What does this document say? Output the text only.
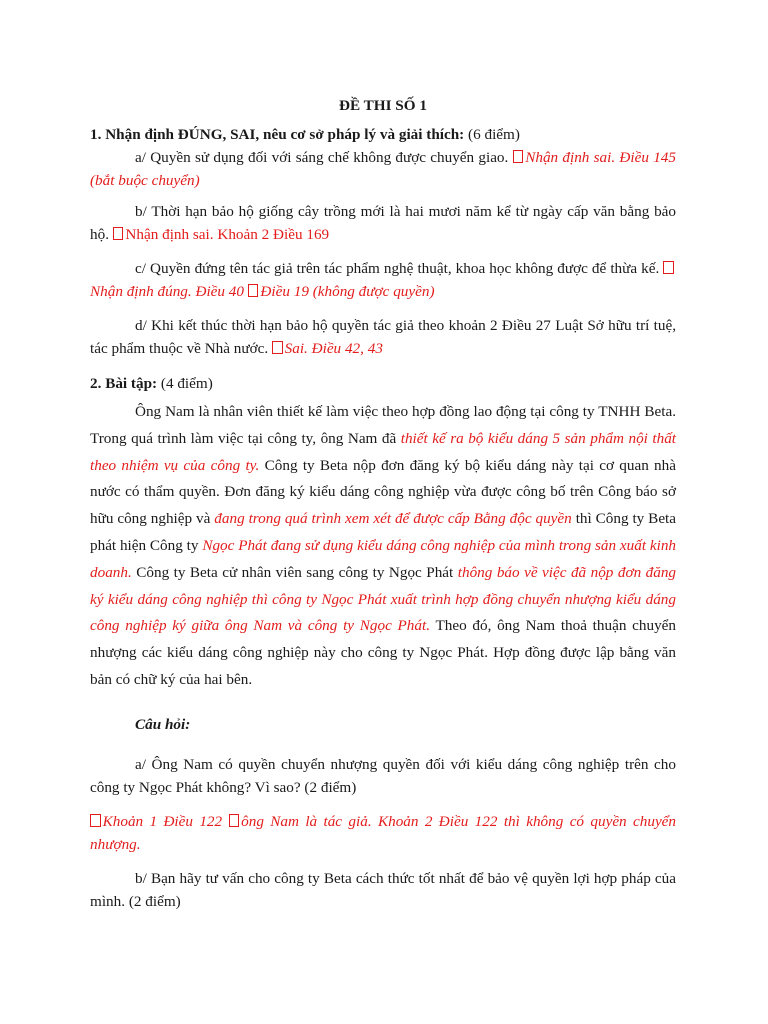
ĐỀ THI SỐ 1

1. Nhận định ĐÚNG, SAI, nêu cơ sở pháp lý và giải thích: (6 điểm)

a/ Quyền sử dụng đối với sáng chế không được chuyển giao. Nhận định sai. Điều 145 (bắt buộc chuyển)

b/ Thời hạn bảo hộ giống cây trồng mới là hai mươi năm kể từ ngày cấp văn bằng bảo hộ. Nhận định sai. Khoản 2 Điều 169

c/ Quyền đứng tên tác giả trên tác phẩm nghệ thuật, khoa học không được để thừa kế. Nhận định đúng. Điều 40 Điều 19 (không được quyền)

d/ Khi kết thúc thời hạn bảo hộ quyền tác giả theo khoản 2 Điều 27 Luật Sở hữu trí tuệ, tác phẩm thuộc về Nhà nước. Sai. Điều 42, 43

2. Bài tập: (4 điểm)

Ông Nam là nhân viên thiết kế làm việc theo hợp đồng lao động tại công ty TNHH Beta. Trong quá trình làm việc tại công ty, ông Nam đã thiết kế ra bộ kiểu dáng 5 sản phẩm nội thất theo nhiệm vụ của công ty. Công ty Beta nộp đơn đăng ký bộ kiểu dáng này tại cơ quan nhà nước có thẩm quyền. Đơn đăng ký kiểu dáng công nghiệp vừa được công bố trên Công báo sở hữu công nghiệp và đang trong quá trình xem xét để được cấp Bằng độc quyền thì Công ty Beta phát hiện Công ty Ngọc Phát đang sử dụng kiểu dáng công nghiệp của mình trong sản xuất kinh doanh. Công ty Beta cử nhân viên sang công ty Ngọc Phát thông báo về việc đã nộp đơn đăng ký kiểu dáng công nghiệp thì công ty Ngọc Phát xuất trình hợp đồng chuyển nhượng kiểu dáng công nghiệp ký giữa ông Nam và công ty Ngọc Phát. Theo đó, ông Nam thoả thuận chuyển nhượng các kiểu dáng công nghiệp này cho công ty Ngọc Phát. Hợp đồng được lập bằng văn bản có chữ ký của hai bên.

Câu hỏi:

a/ Ông Nam có quyền chuyển nhượng quyền đối với kiểu dáng công nghiệp trên cho công ty Ngọc Phát không? Vì sao? (2 điểm)

Khoản 1 Điều 122 ông Nam là tác giả. Khoản 2 Điều 122 thì không có quyền chuyển nhượng.

b/ Bạn hãy tư vấn cho công ty Beta cách thức tốt nhất để bảo vệ quyền lợi hợp pháp của mình. (2 điểm)
